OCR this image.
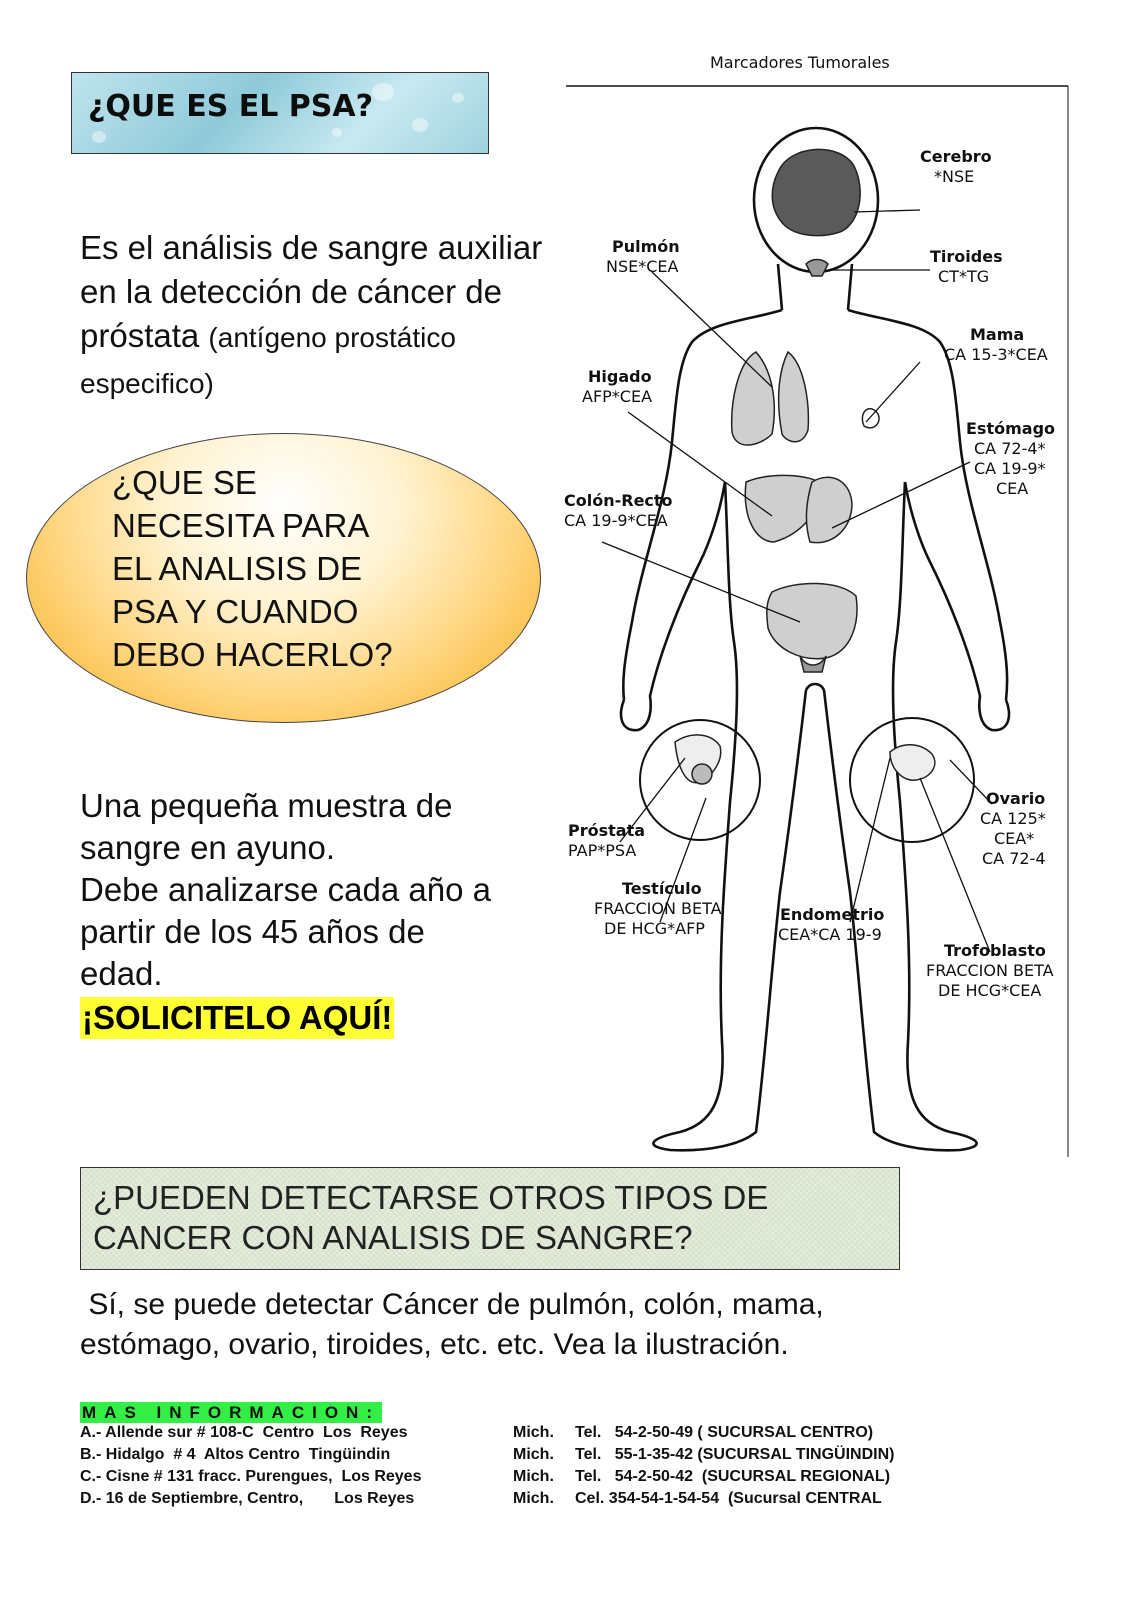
¿QUE ES EL PSA?
Es el análisis de sangre auxiliar en la detección de cáncer de próstata (antígeno prostático especifico)
¿QUE SE
NECESITA PARA
EL ANALISIS DE
PSA Y CUANDO
DEBO HACERLO?
Una pequeña muestra de
sangre en ayuno.
Debe analizarse cada año a
partir de los 45 años de
edad.
¡SOLICITELO AQUÍ!
Marcadores Tumorales
Cerebro
*NSE
Pulmón
NSE*CEA
Tiroides
CT*TG
Mama
CA 15-3*CEA
Higado
AFP*CEA
Estómago
CA 72-4*
CA 19-9*
CEA
Colón-Recto
CA 19-9*CEA
Ovario
CA 125*
CEA*
CA 72-4
Próstata
PAP*PSA
Testículo
FRACCION BETA
DE HCG*AFP
Endometrio
CEA*CA 19-9
Trofoblasto
FRACCION BETA
DE HCG*CEA
¿PUEDEN DETECTARSE OTROS TIPOS DE
CANCER CON ANALISIS DE SANGRE?
Sí, se puede detectar Cáncer de pulmón, colón, mama,
estómago, ovario, tiroides, etc. etc. Vea la ilustración.
MAS INFORMACION:
A.- Allende sur # 108-C  Centro  Los  Reyes	Mich. Tel.   54-2-50-49 ( SUCURSAL CENTRO)
B.- Hidalgo  # 4  Altos Centro  Tingüindin	Mich. Tel.   55-1-35-42 (SUCURSAL TINGÜINDIN)
C.- Cisne # 131 fracc. Purengues,  Los Reyes	Mich. Tel.   54-2-50-42  (SUCURSAL REGIONAL)
D.- 16 de Septiembre, Centro,       Los Reyes	Mich. Cel. 354-54-1-54-54  (Sucursal CENTRAL
